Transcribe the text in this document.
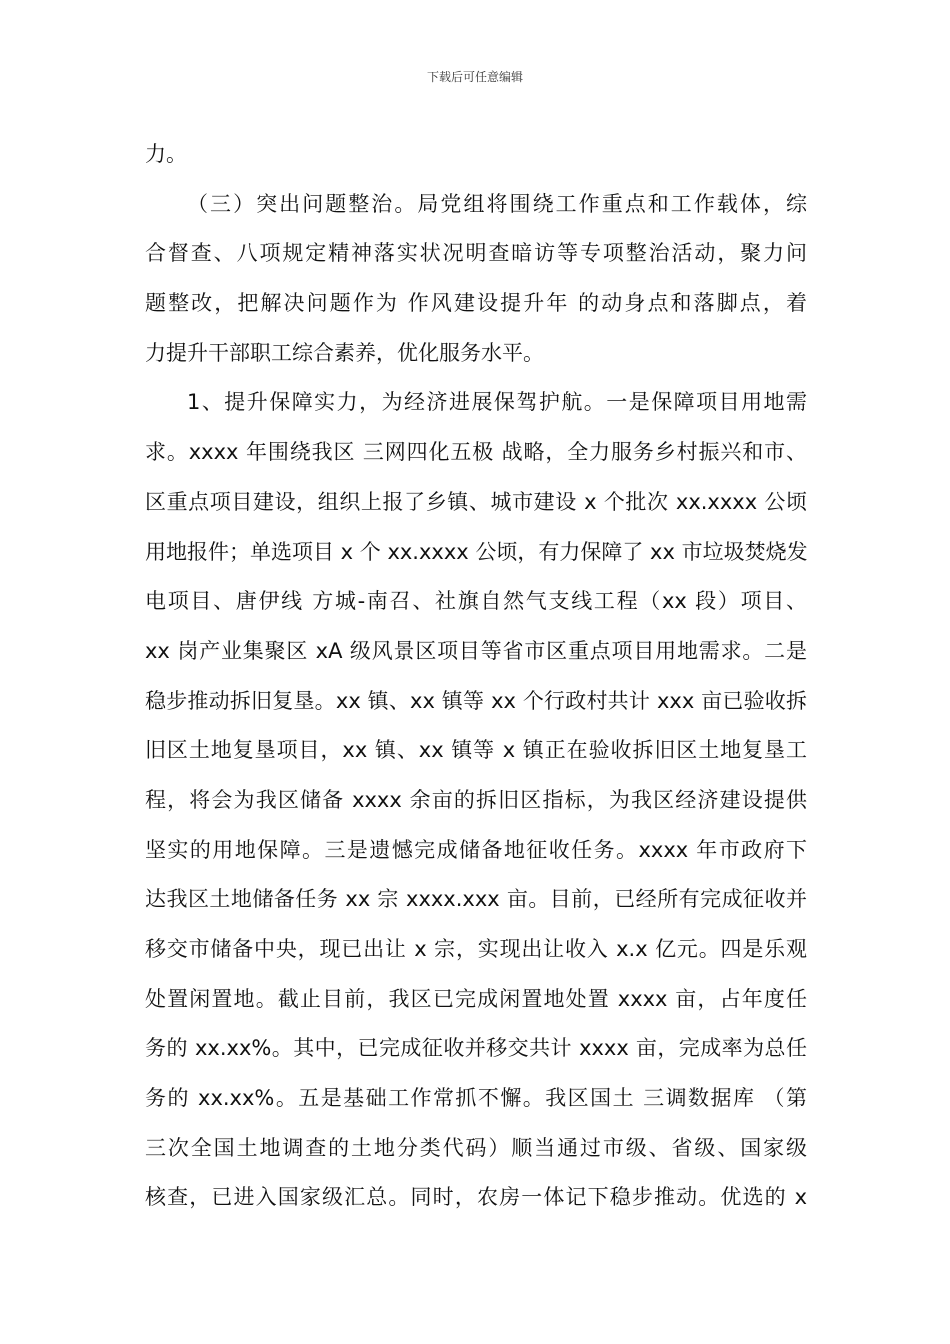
下载后可任意编辑
力。
（三）突出问题整治。局党组将围绕工作重点和工作载体，综
合督查、八项规定精神落实状况明查暗访等专项整治活动，聚力问
题整改，把解决问题作为 作风建设提升年 的动身点和落脚点，着
力提升干部职工综合素养，优化服务水平。
1、提升保障实力，为经济进展保驾护航。一是保障项目用地需
求。xxxx 年围绕我区 三网四化五极 战略，全力服务乡村振兴和市、
区重点项目建设，组织上报了乡镇、城市建设 x 个批次 xx.xxxx 公顷
用地报件；单选项目 x 个 xx.xxxx 公顷，有力保障了 xx 市垃圾焚烧发
电项目、唐伊线 方城-南召、社旗自然气支线工程（xx 段）项目、
xx 岗产业集聚区 xA 级风景区项目等省市区重点项目用地需求。二是
稳步推动拆旧复垦。xx 镇、xx 镇等 xx 个行政村共计 xxx 亩已验收拆
旧区土地复垦项目，xx 镇、xx 镇等 x 镇正在验收拆旧区土地复垦工
程，将会为我区储备 xxxx 余亩的拆旧区指标，为我区经济建设提供
坚实的用地保障。三是遗憾完成储备地征收任务。xxxx 年市政府下
达我区土地储备任务 xx 宗 xxxx.xxx 亩。目前，已经所有完成征收并
移交市储备中央，现已出让 x 宗，实现出让收入 x.x 亿元。四是乐观
处置闲置地。截止目前，我区已完成闲置地处置 xxxx 亩，占年度任
务的 xx.xx%。其中，已完成征收并移交共计 xxxx 亩，完成率为总任
务的 xx.xx%。五是基础工作常抓不懈。我区国土 三调数据库 （第
三次全国土地调查的土地分类代码）顺当通过市级、省级、国家级
核查，已进入国家级汇总。同时，农房一体记下稳步推动。优选的 x
